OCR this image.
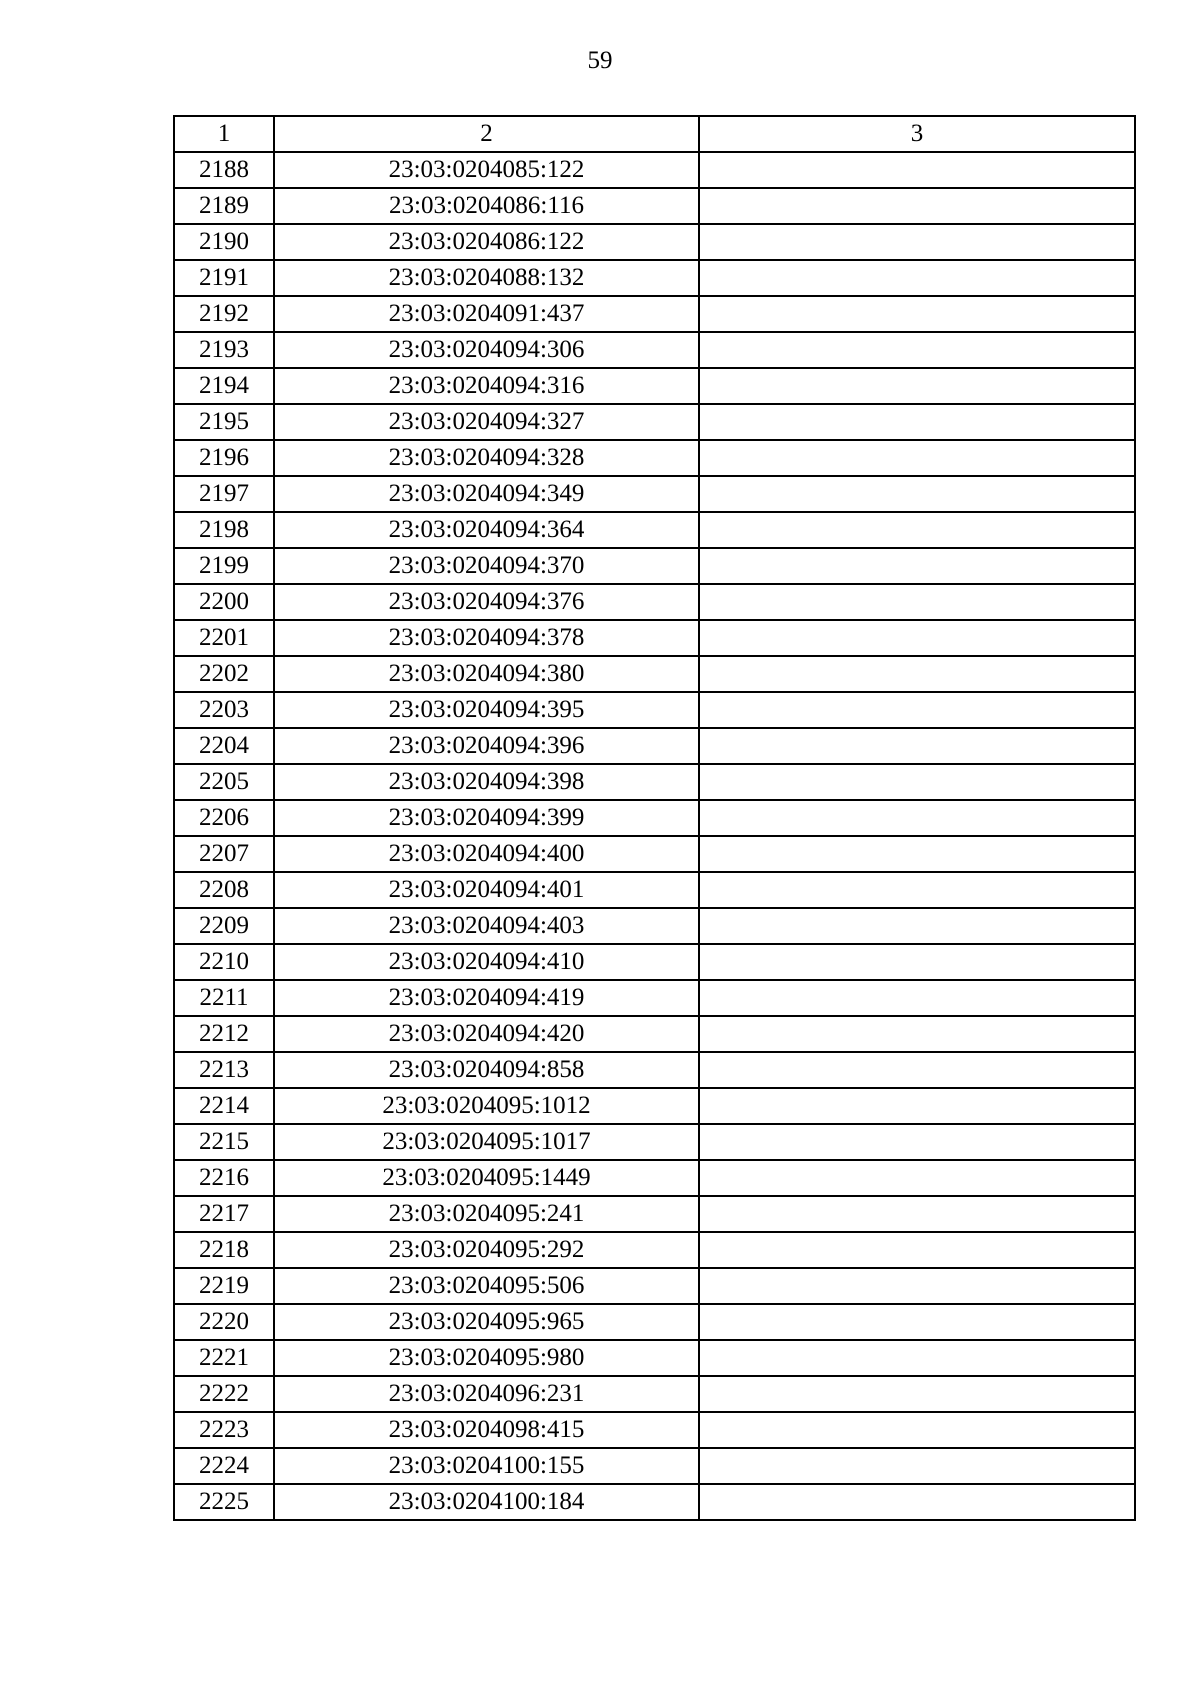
59
1	2	3
2188	23:03:0204085:122	
2189	23:03:0204086:116	
2190	23:03:0204086:122	
2191	23:03:0204088:132	
2192	23:03:0204091:437	
2193	23:03:0204094:306	
2194	23:03:0204094:316	
2195	23:03:0204094:327	
2196	23:03:0204094:328	
2197	23:03:0204094:349	
2198	23:03:0204094:364	
2199	23:03:0204094:370	
2200	23:03:0204094:376	
2201	23:03:0204094:378	
2202	23:03:0204094:380	
2203	23:03:0204094:395	
2204	23:03:0204094:396	
2205	23:03:0204094:398	
2206	23:03:0204094:399	
2207	23:03:0204094:400	
2208	23:03:0204094:401	
2209	23:03:0204094:403	
2210	23:03:0204094:410	
2211	23:03:0204094:419	
2212	23:03:0204094:420	
2213	23:03:0204094:858	
2214	23:03:0204095:1012	
2215	23:03:0204095:1017	
2216	23:03:0204095:1449	
2217	23:03:0204095:241	
2218	23:03:0204095:292	
2219	23:03:0204095:506	
2220	23:03:0204095:965	
2221	23:03:0204095:980	
2222	23:03:0204096:231	
2223	23:03:0204098:415	
2224	23:03:0204100:155	
2225	23:03:0204100:184	
